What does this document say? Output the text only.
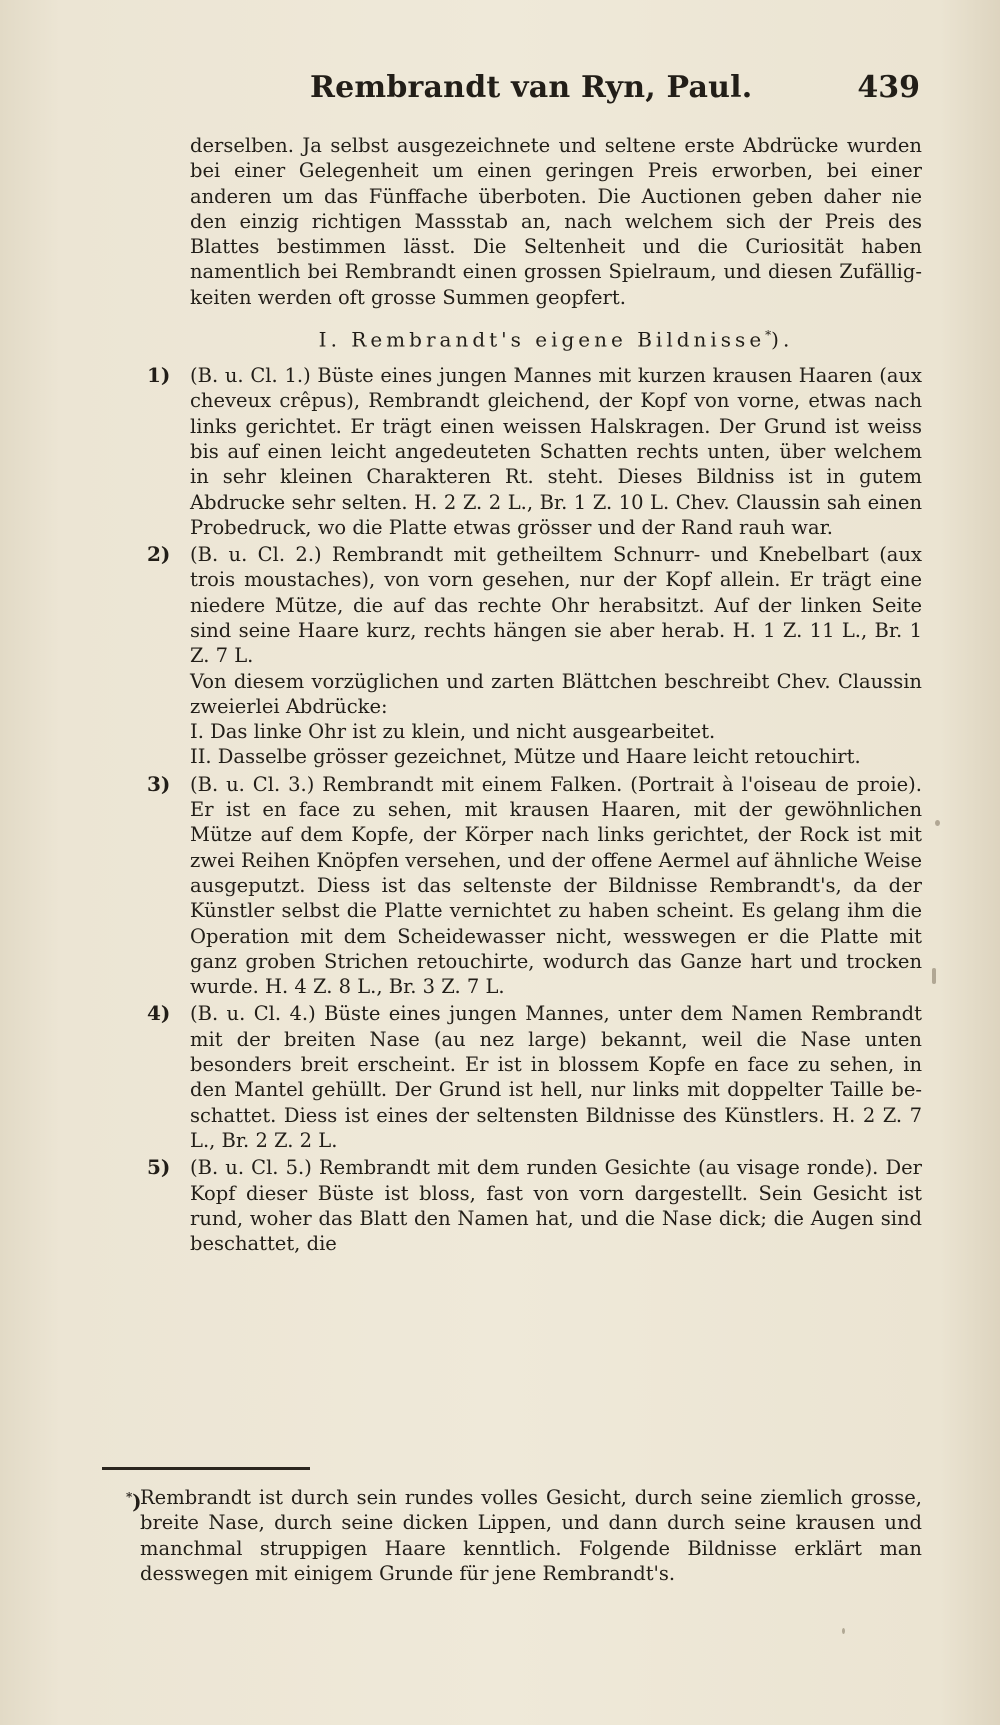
Rembrandt van Ryn, Paul.	439

derselben. Ja selbst ausgezeichnete und seltene erste Abdrücke wurden bei einer Gelegenheit um einen geringen Preis erworben, bei einer anderen um das Fünffache überboten. Die Auctionen geben daher nie den einzig richtigen Massstab an, nach welchem sich der Preis des Blattes bestimmen lässt. Die Seltenheit und die Curiosität haben namentlich bei Rembrandt einen grossen Spielraum, und diesen Zufälligkeiten werden oft grosse Summen geopfert.

I. Rembrandt's eigene Bildnisse*).
1)	(B. u. Cl. 1.) Büste eines jungen Mannes mit kurzen krausen Haaren (aux cheveux crêpus), Rembrandt gleichend, der Kopf von vorne, etwas nach links gerichtet. Er trägt einen weissen Halskragen. Der Grund ist weiss bis auf einen leicht angedeuteten Schatten rechts unten, über welchem in sehr kleinen Charakteren Rt. steht. Dieses Bildniss ist in gutem Abdrucke sehr selten. H. 2 Z. 2 L., Br. 1 Z. 10 L. Chev. Claussin sah einen Probedruck, wo die Platte etwas grösser und der Rand rauh war.

2)	(B. u. Cl. 2.) Rembrandt mit getheiltem Schnurr- und Knebelbart (aux trois moustaches), von vorn gesehen, nur der Kopf allein. Er trägt eine niedere Mütze, die auf das rechte Ohr herabsitzt. Auf der linken Seite sind seine Haare kurz, rechts hängen sie aber herab. H. 1 Z. 11 L., Br. 1 Z. 7 L.

Von diesem vorzüglichen und zarten Blättchen beschreibt Chev. Claussin zweierlei Abdrücke:

I. Das linke Ohr ist zu klein, und nicht ausgearbeitet.
II. Dasselbe grösser gezeichnet, Mütze und Haare leicht retouchirt.
3)	(B. u. Cl. 3.) Rembrandt mit einem Falken. (Portrait à l'oiseau de proie). Er ist en face zu sehen, mit krausen Haaren, mit der gewöhnlichen Mütze auf dem Kopfe, der Körper nach links gerichtet, der Rock ist mit zwei Reihen Knöpfen versehen, und der offene Aermel auf ähnliche Weise ausgeputzt. Diess ist das seltenste der Bildnisse Rembrandt's, da der Künstler selbst die Platte vernichtet zu haben scheint. Es gelang ihm die Operation mit dem Scheidewasser nicht, wesswegen er die Platte mit ganz groben Strichen retouchirte, wodurch das Ganze hart und trocken wurde. H. 4 Z. 8 L., Br. 3 Z. 7 L.

4)	(B. u. Cl. 4.) Büste eines jungen Mannes, unter dem Namen Rembrandt mit der breiten Nase (au nez large) bekannt, weil die Nase unten besonders breit erscheint. Er ist in blossem Kopfe en face zu sehen, in den Mantel gehüllt. Der Grund ist hell, nur links mit doppelter Taille beschattet. Diess ist eines der seltensten Bildnisse des Künstlers. H. 2 Z. 7 L., Br. 2 Z. 2 L.

5)	(B. u. Cl. 5.) Rembrandt mit dem runden Gesichte (au visage ronde). Der Kopf dieser Büste ist bloss, fast von vorn dargestellt. Sein Gesicht ist rund, woher das Blatt den Namen hat, und die Nase dick; die Augen sind beschattet, die

*)
Rembrandt ist durch sein rundes volles Gesicht, durch seine ziemlich grosse, breite Nase, durch seine dicken Lippen, und dann durch seine krausen und manchmal struppigen Haare kenntlich. Folgende Bildnisse erklärt man desswegen mit einigem Grunde für jene Rembrandt's.
